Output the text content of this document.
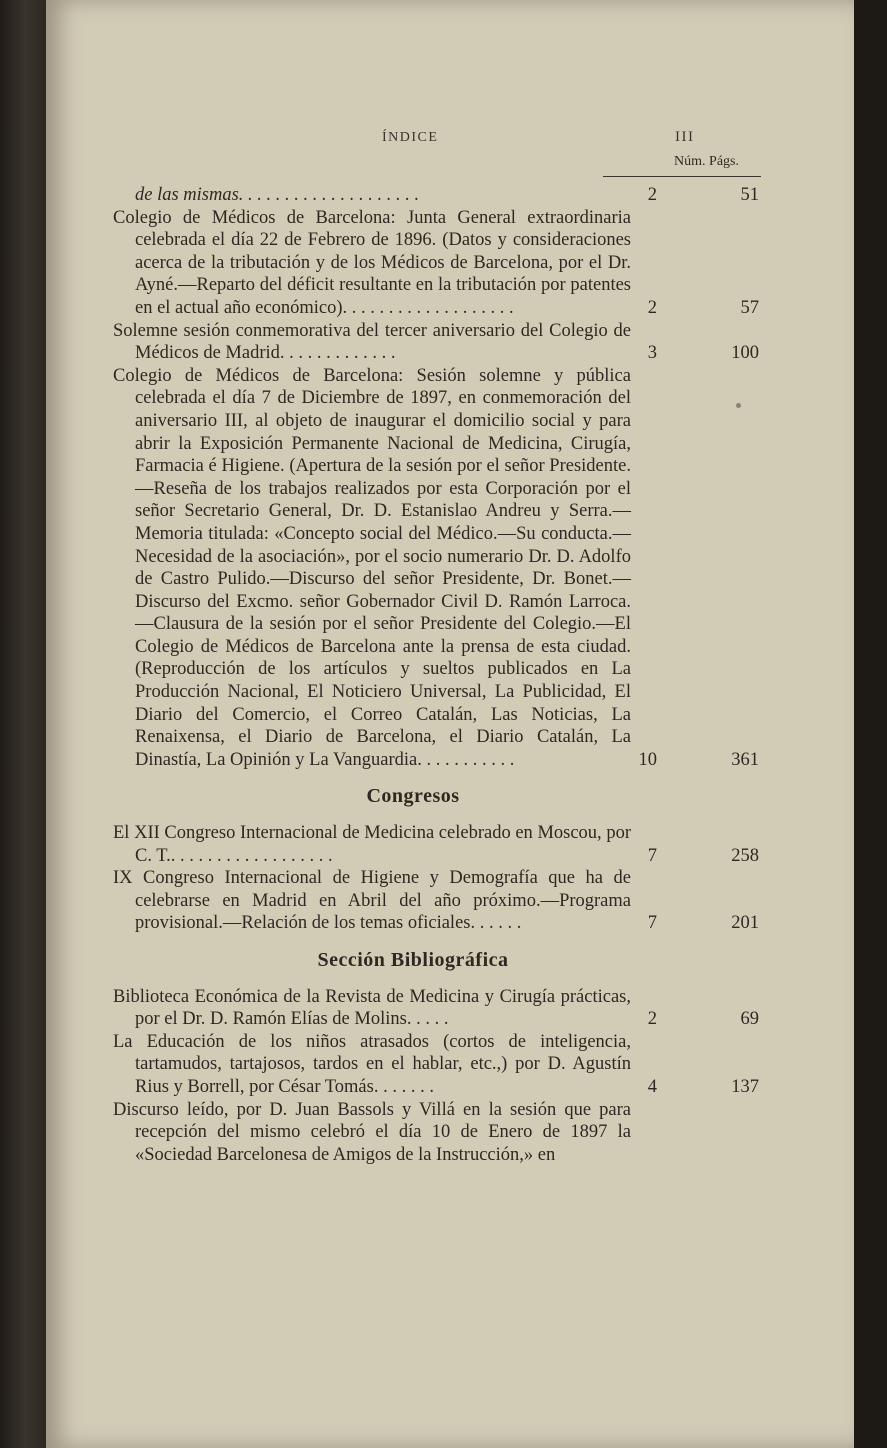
ÍNDICE	III
Núm. Págs.

de las mismas. . . . . . . . . . . . . . . . . . . .	2	51

Colegio de Médicos de Barcelona: Junta General extraordinaria celebrada el día 22 de Febrero de 1896. (Datos y consideraciones acerca de la tributación y de los Médicos de Barcelona, por el Dr. Ayné.—Reparto del déficit resultante en la tributación por patentes en el actual año económico). . . . . . . . . . . . . . . . . . .	2	57

Solemne sesión conmemorativa del tercer aniversario del Colegio de Médicos de Madrid. . . . . . . . . . . . .	3	100

Colegio de Médicos de Barcelona: Sesión solemne y pública celebrada el día 7 de Diciembre de 1897, en conmemoración del aniversario III, al objeto de inaugurar el domicilio social y para abrir la Exposición Permanente Nacional de Medicina, Cirugía, Farmacia é Higiene. (Apertura de la sesión por el señor Presidente.—Reseña de los trabajos realizados por esta Corporación por el señor Secretario General, Dr. D. Estanislao Andreu y Serra.—Memoria titulada: «Concepto social del Médico.—Su conducta.—Necesidad de la asociación», por el socio numerario Dr. D. Adolfo de Castro Pulido.—Discurso del señor Presidente, Dr. Bonet.—Discurso del Excmo. señor Gobernador Civil D. Ramón Larroca.—Clausura de la sesión por el señor Presidente del Colegio.—El Colegio de Médicos de Barcelona ante la prensa de esta ciudad. (Reproducción de los artículos y sueltos publicados en La Producción Nacional, El Noticiero Universal, La Publicidad, El Diario del Comercio, el Correo Catalán, Las Noticias, La Renaixensa, el Diario de Barcelona, el Diario Catalán, La Dinastía, La Opinión y La Vanguardia. . . . . . . . . . .	10	361

Congresos

El XII Congreso Internacional de Medicina celebrado en Moscou, por C. T.. . . . . . . . . . . . . . . . . .	7	258

IX Congreso Internacional de Higiene y Demografía que ha de celebrarse en Madrid en Abril del año próximo.—Programa provisional.—Relación de los temas oficiales. . . . . .	7	201

Sección Bibliográfica

Biblioteca Económica de la Revista de Medicina y Cirugía prácticas, por el Dr. D. Ramón Elías de Molins. . . . .	2	69

La Educación de los niños atrasados (cortos de inteligencia, tartamudos, tartajosos, tardos en el hablar, etc.,) por D. Agustín Rius y Borrell, por César Tomás. . . . . . .	4	137

Discurso leído, por D. Juan Bassols y Villá en la sesión que para recepción del mismo celebró el día 10 de Enero de 1897 la «Sociedad Barcelonesa de Amigos de la Instrucción,» en
